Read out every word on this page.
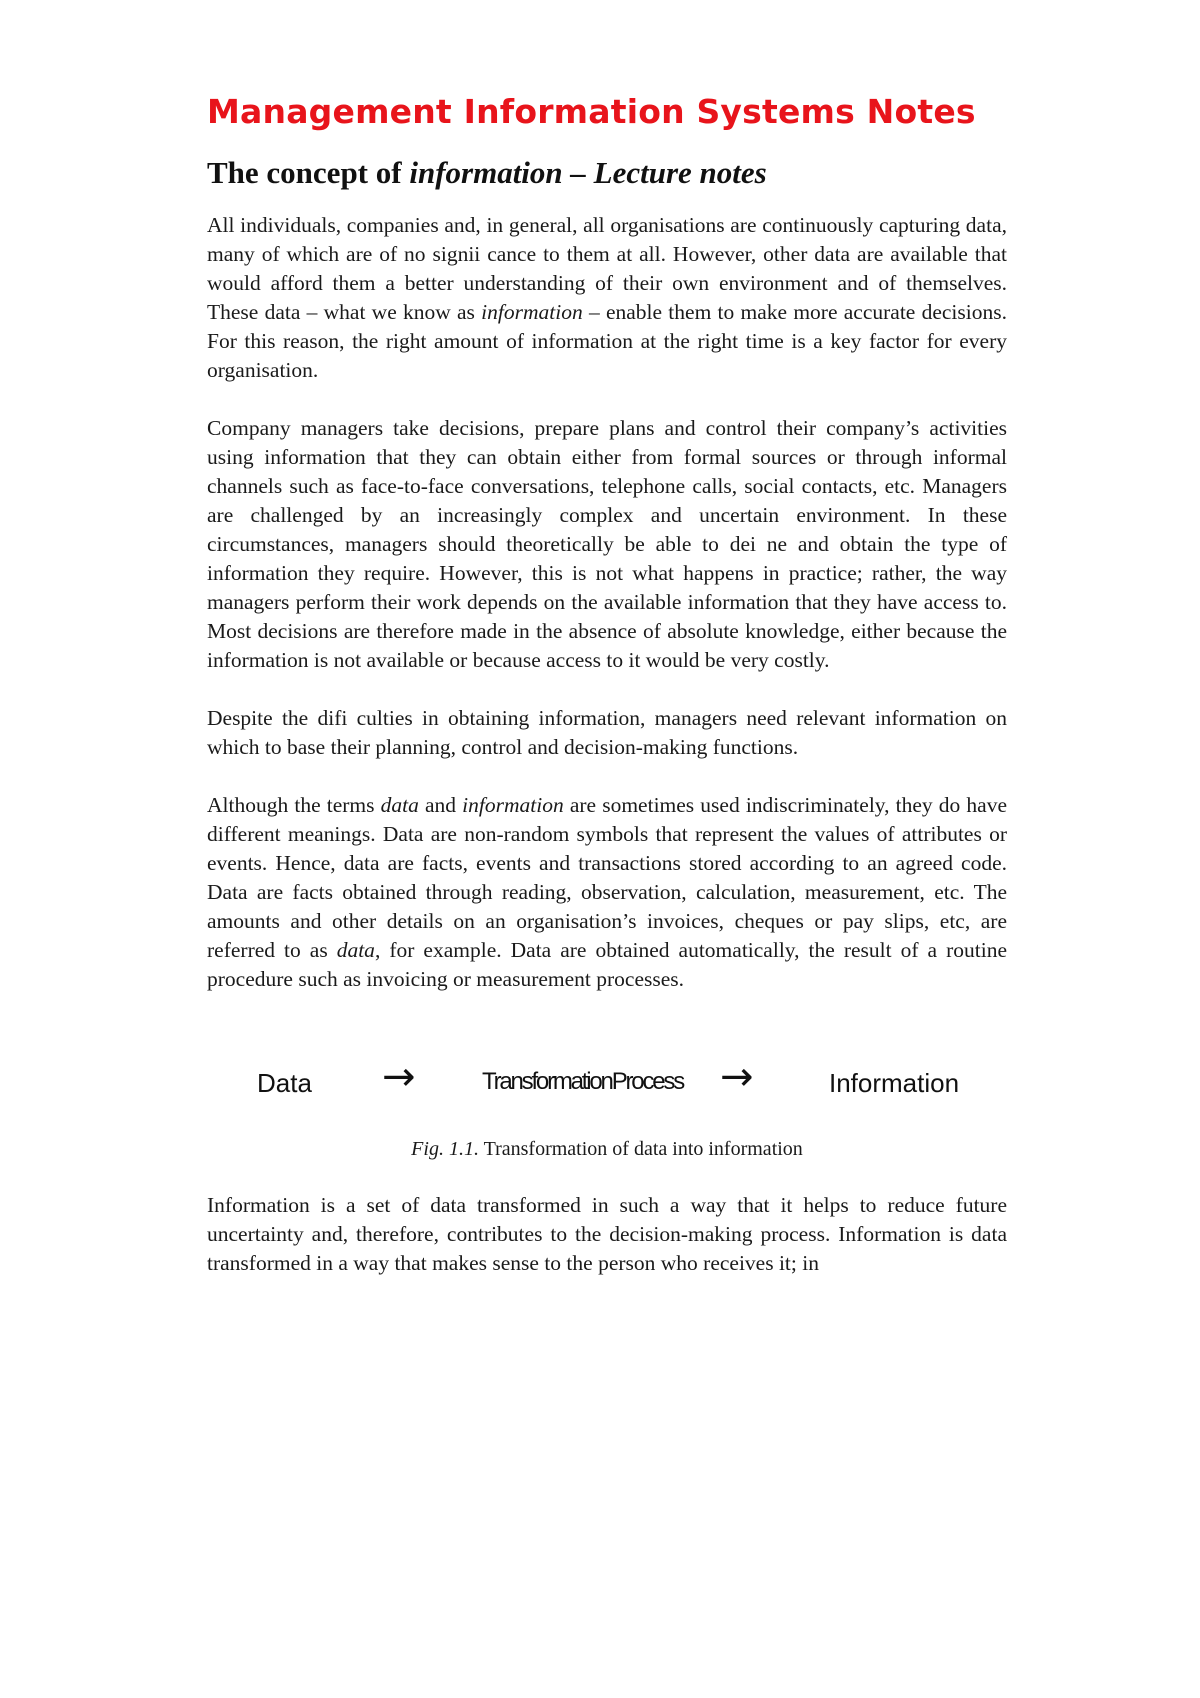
Management Information Systems Notes
The concept of information – Lecture notes

All individuals, companies and, in general, all organisations are continuously capturing data, many of which are of no signii cance to them at all. However, other data are available that would afford them a better understanding of their own environment and of themselves. These data – what we know as information – enable them to make more accurate decisions. For this reason, the right amount of information at the right time is a key factor for every organisation.

Company managers take decisions, prepare plans and control their company’s activities using information that they can obtain either from formal sources or through informal channels such as face-to-face conversations, telephone calls, social contacts, etc. Managers are challenged by an increasingly complex and uncertain environment. In these circumstances, managers should theoretically be able to dei ne and obtain the type of information they require. However, this is not what happens in practice; rather, the way managers perform their work depends on the available information that they have access to. Most decisions are therefore made in the absence of absolute knowledge, either because the information is not available or because access to it would be very costly.

Despite the difi culties in obtaining information, managers need relevant information on which to base their planning, control and decision-making functions.

Although the terms data and information are sometimes used indiscriminately, they do have different meanings. Data are non-random symbols that represent the values of attributes or events. Hence, data are facts, events and transactions stored according to an agreed code. Data are facts obtained through reading, observation, calculation, measurement, etc. The amounts and other details on an organisation’s invoices, cheques or pay slips, etc, are referred to as data, for example. Data are obtained automatically, the result of a routine procedure such as invoicing or measurement processes.

Data →	TransformationProcess →	Information

Fig. 1.1. Transformation of data into information

Information is a set of data transformed in such a way that it helps to reduce future uncertainty and, therefore, contributes to the decision-making process. Information is data transformed in a way that makes sense to the person who receives it; in
